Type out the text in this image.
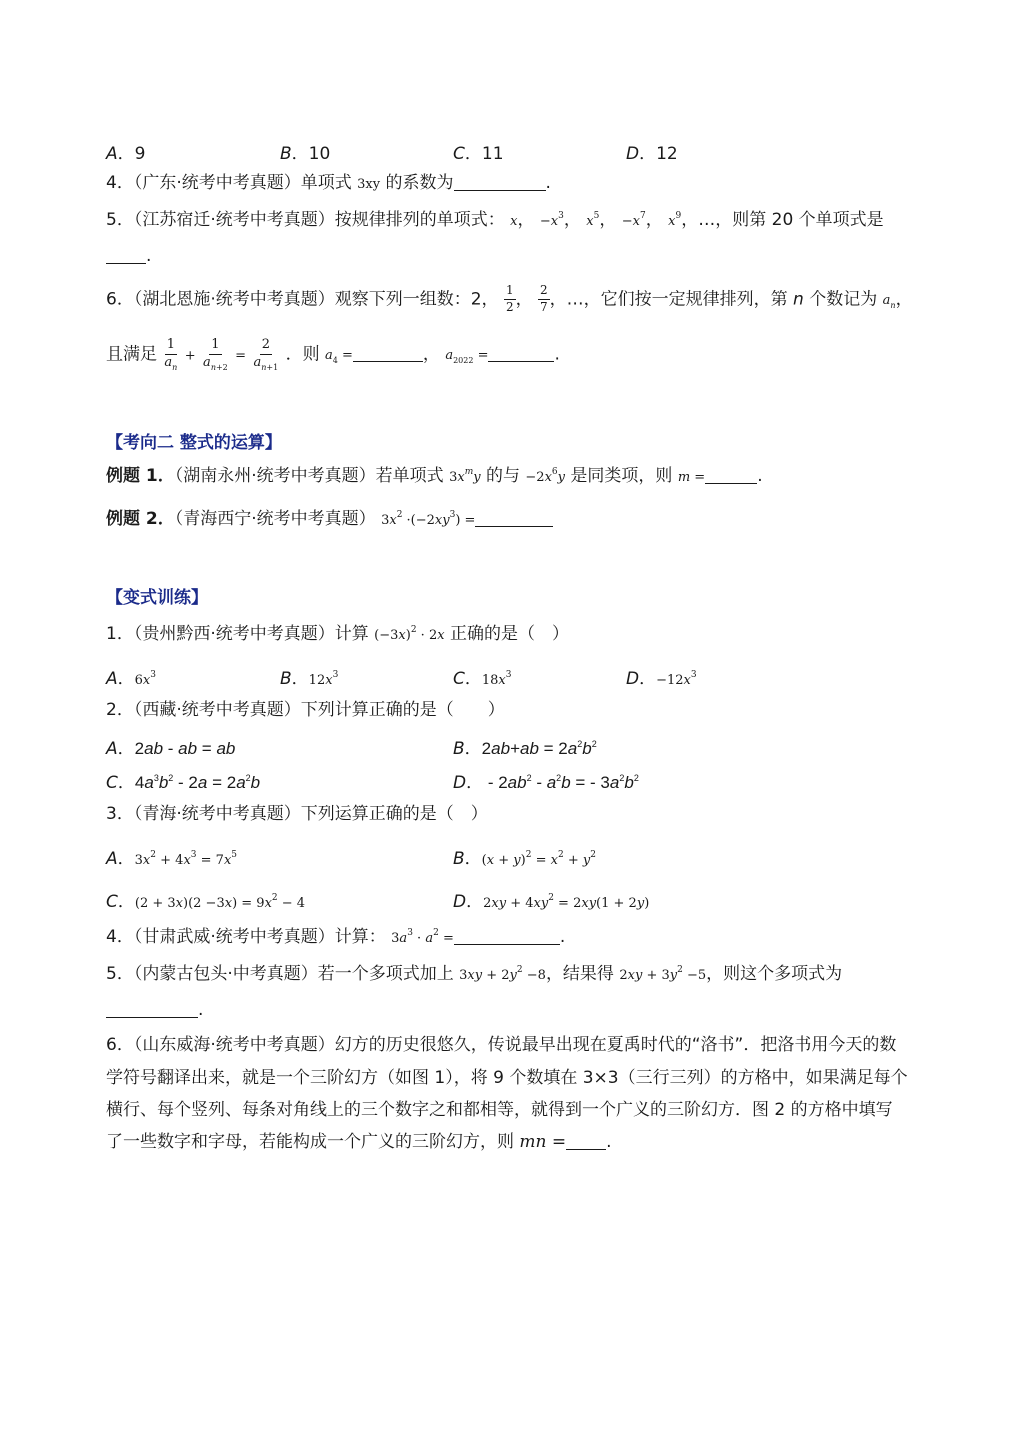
A．9	B．10	C．11	D．12
4．（广东·统考中考真题）单项式 3xy 的系数为	.
5．（江苏宿迁·统考中考真题）按规律排列的单项式： x， $-x^3$， $x^5$， $-x^7$， $x^9$，…，则第 20 个单项式是
.
6．（湖北恩施·统考中考真题）观察下列一组数：2， $\frac{1}{2}$ ， $\frac{2}{7}$ ，…，它们按一定规律排列，第 n 个数记为 $a_n$，
且满足 $\frac{1}{a_n} + \frac{1}{a_{n+2}} = \frac{2}{a_{n+1}}$ ．则 $a_4$ =	， $a_{2022}$ =	.
【考向二 整式的运算】
例题 1．（湖南永州·统考中考真题）若单项式 $3x^my$ 的与 $-2x^6y$ 是同类项，则 m =	.
例题 2．（青海西宁·统考中考真题） $3x^2 \cdot(-2xy^3)$ =
【变式训练】
1．（贵州黔西·统考中考真题）计算 $(-3x)^2 \cdot 2x$ 正确的是（　）
A．$6x^3$	B．$12x^3$	C．$18x^3$	D．$-12x^3$
2．（西藏·统考中考真题）下列计算正确的是（　　）
A．2ab - ab = ab	B．$2ab+ab = 2a^2b^2$
C．$4a^3b^2 - 2a = 2a^2b$	D． - $2ab^2 - a^2b$ = - $3a^2b^2$
3．（青海·统考中考真题）下列运算正确的是（　）
A．$3x^2 + 4x^3 = 7x^5$	B．$(x + y)^2 = x^2 + y^2$
C．$(2 + 3x)(2 -3x) = 9x^2 - 4$	D．$2xy + 4xy^2 = 2xy(1 + 2y)$
4．（甘肃武威·统考中考真题）计算： $3a^3 \cdot a^2$ =	.
5．（内蒙古包头·中考真题）若一个多项式加上 $3xy + 2y^2 -8$，结果得 $2xy + 3y^2 -5$，则这个多项式为
.
6．（山东威海·统考中考真题）幻方的历史很悠久，传说最早出现在夏禹时代的“洛书”．把洛书用今天的数
学符号翻译出来，就是一个三阶幻方（如图 1），将 9 个数填在 3×3（三行三列）的方格中，如果满足每个
横行、每个竖列、每条对角线上的三个数字之和都相等，就得到一个广义的三阶幻方．图 2 的方格中填写
了一些数字和字母，若能构成一个广义的三阶幻方，则 mn = .
